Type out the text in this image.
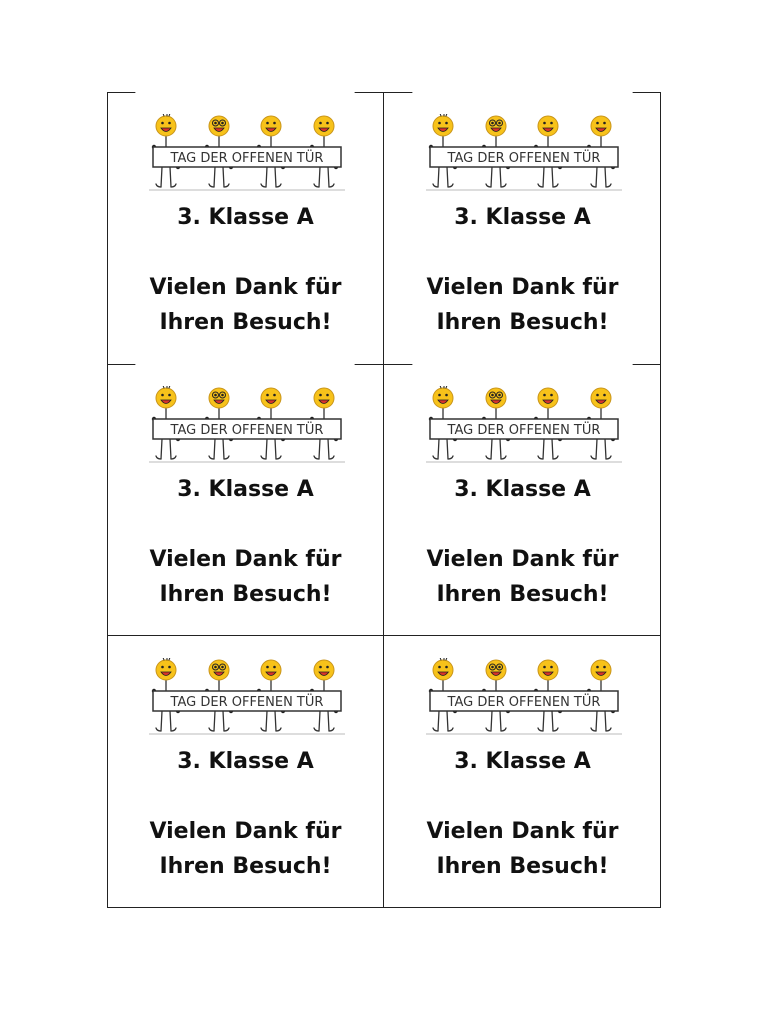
TAG DER OFFENEN TÜR
3. Klasse A
Vielen Dank für Ihren Besuch!
TAG DER OFFENEN TÜR
3. Klasse A
Vielen Dank für Ihren Besuch!
TAG DER OFFENEN TÜR
3. Klasse A
Vielen Dank für Ihren Besuch!
TAG DER OFFENEN TÜR
3. Klasse A
Vielen Dank für Ihren Besuch!
TAG DER OFFENEN TÜR
3. Klasse A
Vielen Dank für Ihren Besuch!
TAG DER OFFENEN TÜR
3. Klasse A
Vielen Dank für Ihren Besuch!
